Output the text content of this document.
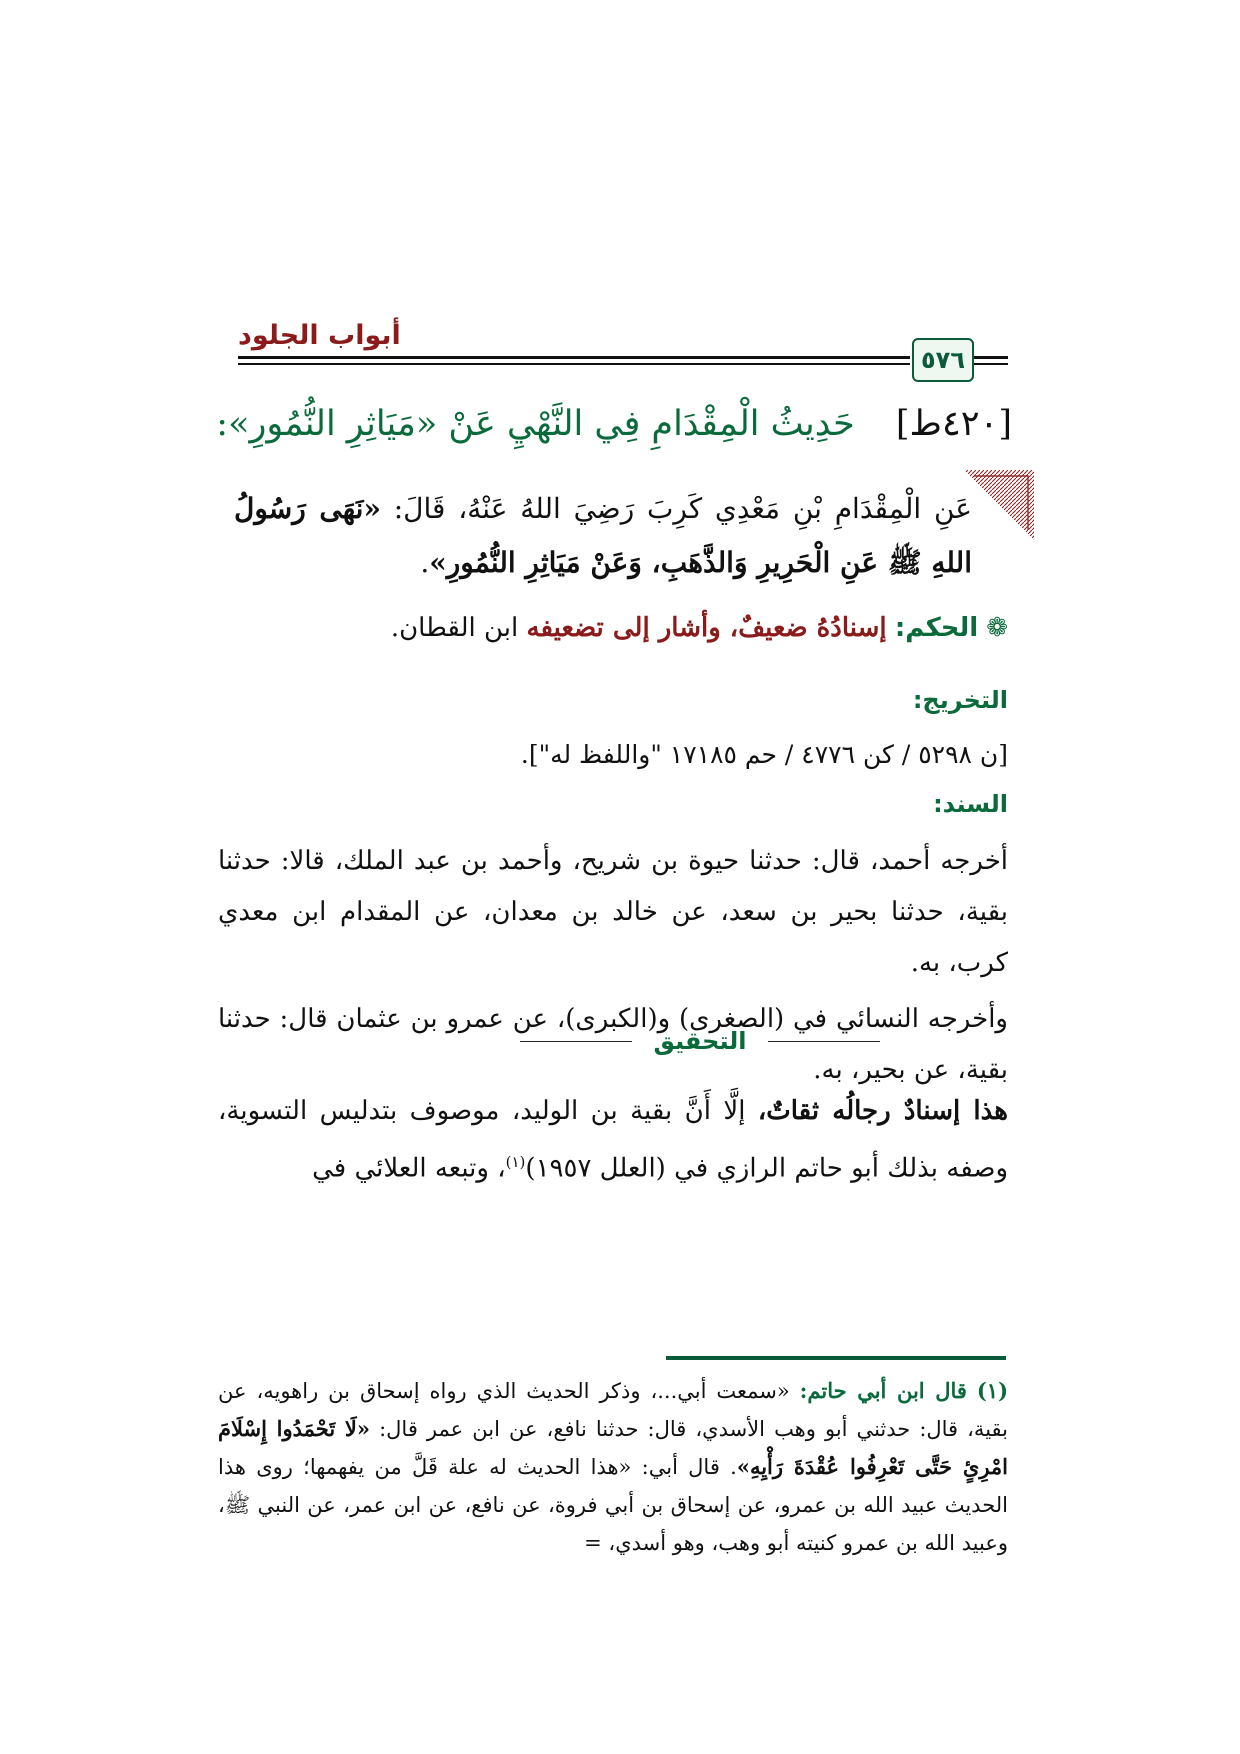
أبواب الجلود
٥٧٦
[٤٢٠ط] حَدِيثُ الْمِقْدَامِ فِي النَّهْيِ عَنْ «مَيَاثِرِ النُّمُورِ»:
عَنِ الْمِقْدَامِ بْنِ مَعْدِي كَرِبَ رَضِيَ اللهُ عَنْهُ، قَالَ: «نَهَى رَسُولُ اللهِ ﷺ عَنِ الْحَرِيرِ وَالذَّهَبِ، وَعَنْ مَيَاثِرِ النُّمُورِ».
❁الحكم: إسنادُهُ ضعيفٌ، وأشار إلى تضعيفه ابن القطان.
التخريج:
[ن ٥٢٩٨ / كن ٤٧٧٦ / حم ١٧١٨٥ "واللفظ له"].
السند:
أخرجه أحمد، قال: حدثنا حيوة بن شريح، وأحمد بن عبد الملك، قالا: حدثنا بقية، حدثنا بحير بن سعد، عن خالد بن معدان، عن المقدام ابن معدي كرب، به.
وأخرجه النسائي في (الصغرى) و(الكبرى)، عن عمرو بن عثمان قال: حدثنا بقية، عن بحير، به.
التحقيق
هذا إسنادٌ رجالُه ثقاتٌ، إلَّا أَنَّ بقية بن الوليد، موصوف بتدليس التسوية، وصفه بذلك أبو حاتم الرازي في (العلل ١٩٥٧)$^{(١)}$، وتبعه العلائي في
(١) قال ابن أبي حاتم: «سمعت أبي...، وذكر الحديث الذي رواه إسحاق بن راهويه، عن بقية، قال: حدثني أبو وهب الأسدي، قال: حدثنا نافع، عن ابن عمر قال: «لَا تَحْمَدُوا إِسْلَامَ امْرِئٍ حَتَّى تَعْرِفُوا عُقْدَةَ رَأْيِهِ». قال أبي: «هذا الحديث له علة قَلَّ من يفهمها؛ روى هذا الحديث عبيد الله بن عمرو، عن إسحاق بن أبي فروة، عن نافع، عن ابن عمر، عن النبي ﷺ، وعبيد الله بن عمرو كنيته أبو وهب، وهو أسدي، =
